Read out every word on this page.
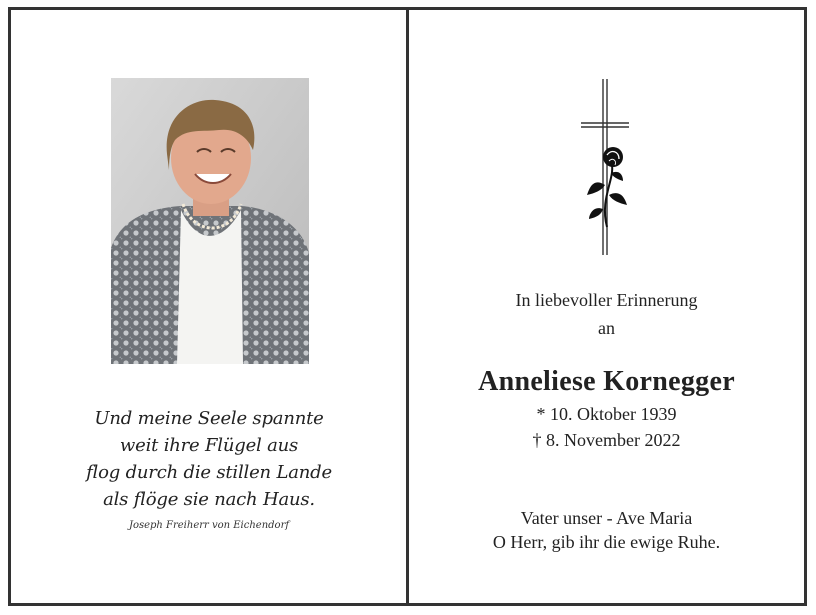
Und meine Seele spannte
weit ihre Flügel aus
flog durch die stillen Lande
als flöge sie nach Haus.
Joseph Freiherr von Eichendorf
In liebevoller Erinnerung
an
Anneliese Kornegger
* 10. Oktober 1939
† 8. November 2022
Vater unser - Ave Maria
O Herr, gib ihr die ewige Ruhe.
